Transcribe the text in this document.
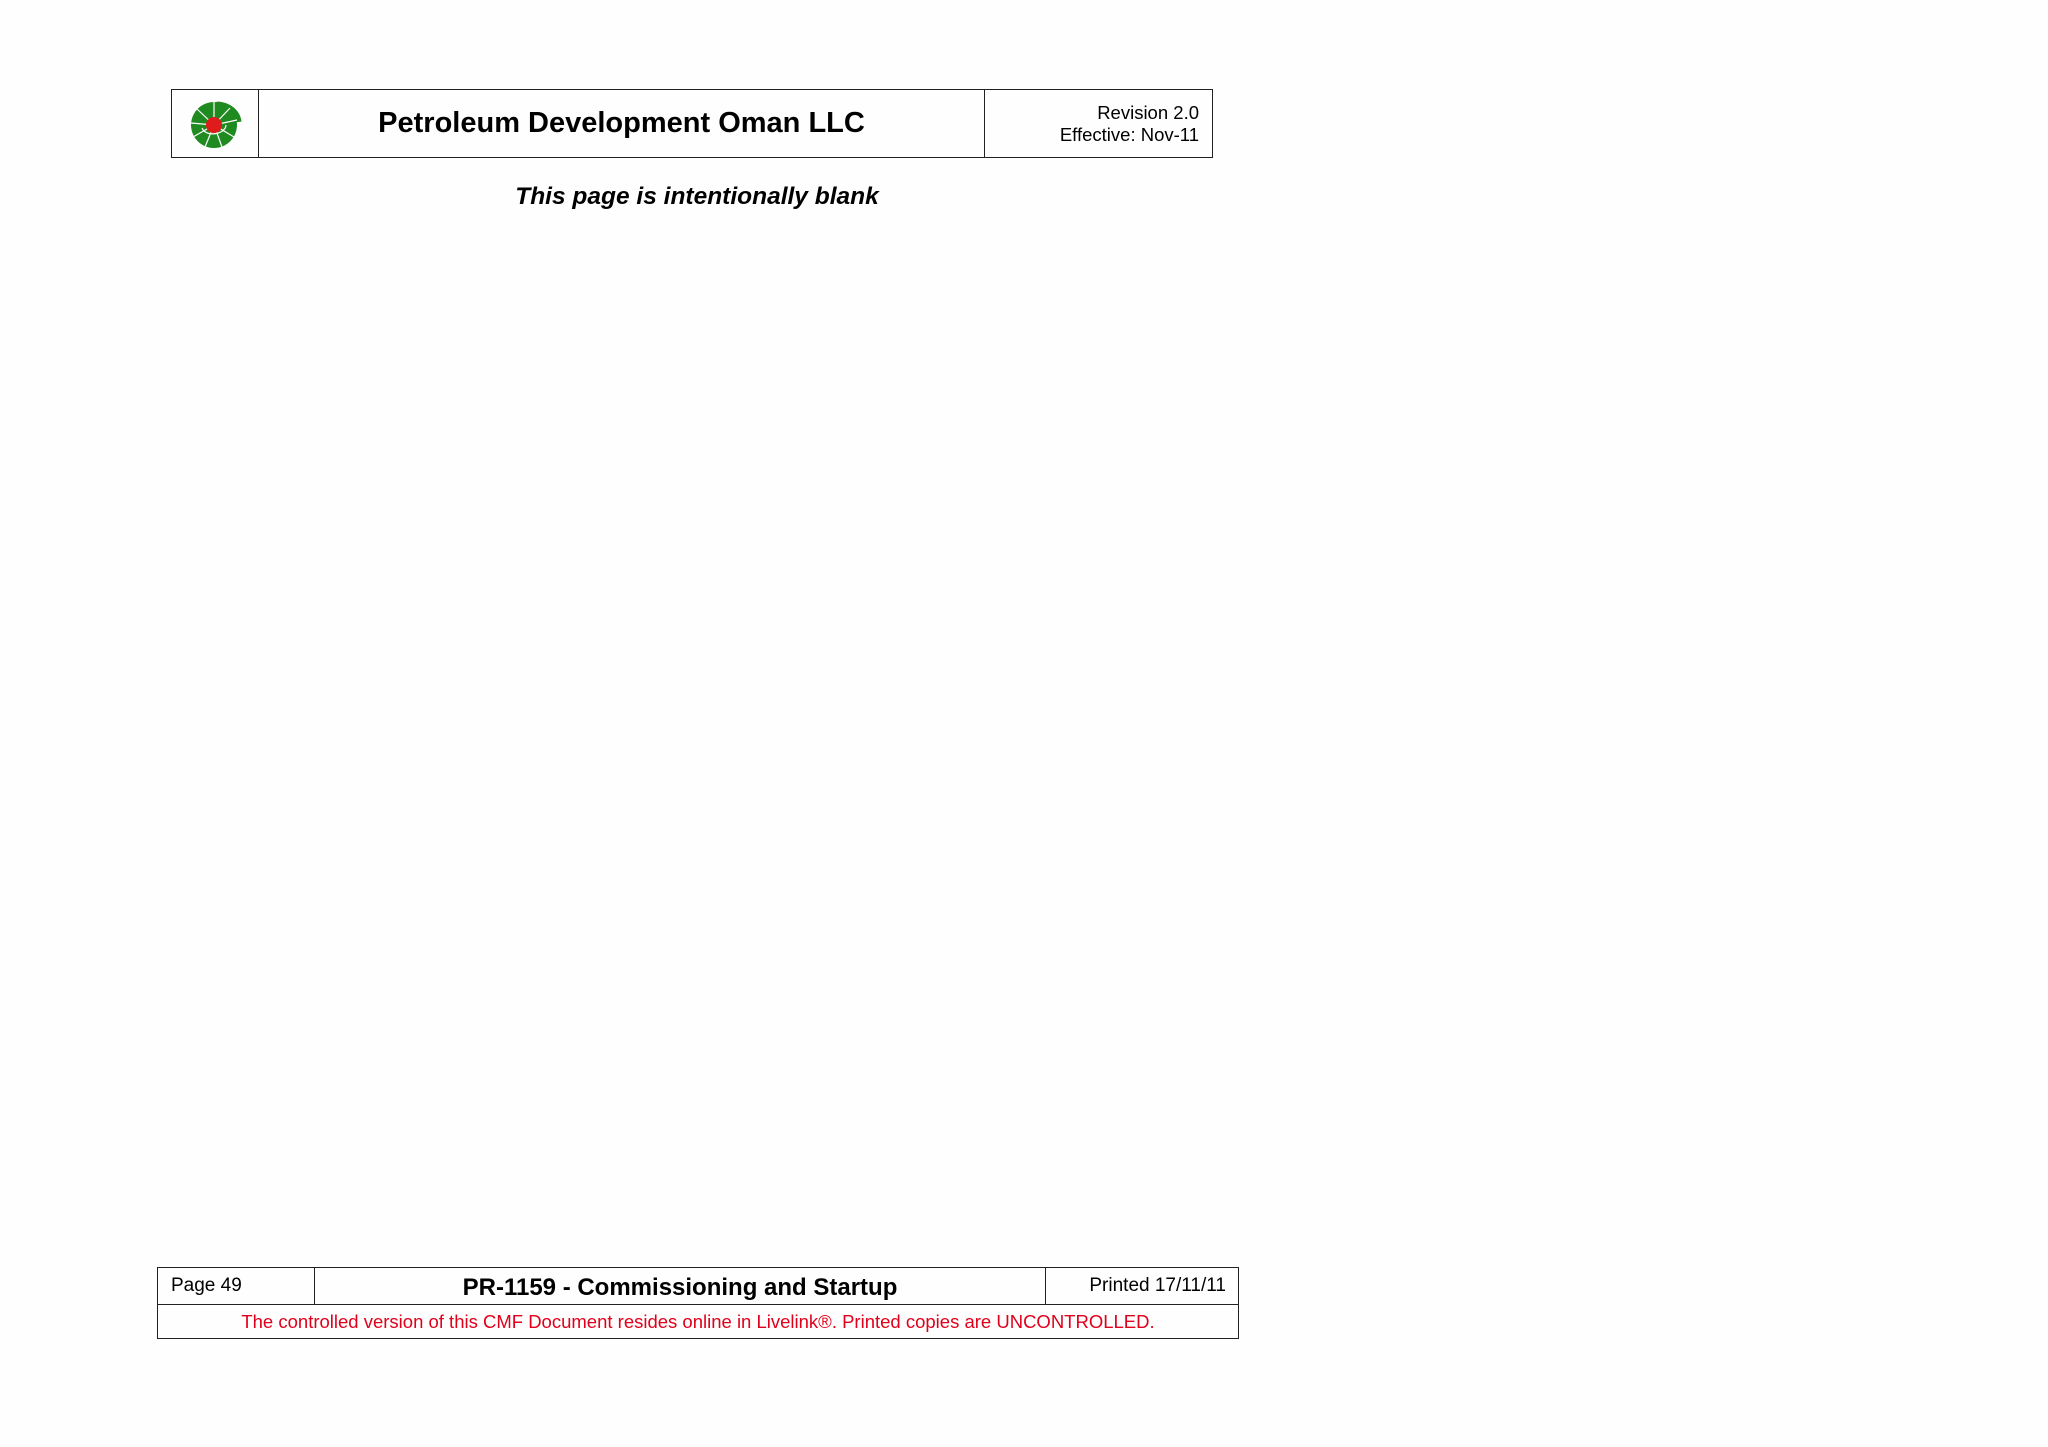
Petroleum Development Oman LLC	Revision 2.0
Effective: Nov-11
This page is intentionally blank
Page 49	PR-1159 - Commissioning and Startup	Printed 17/11/11
The controlled version of this CMF Document resides online in Livelink®. Printed copies are UNCONTROLLED.
